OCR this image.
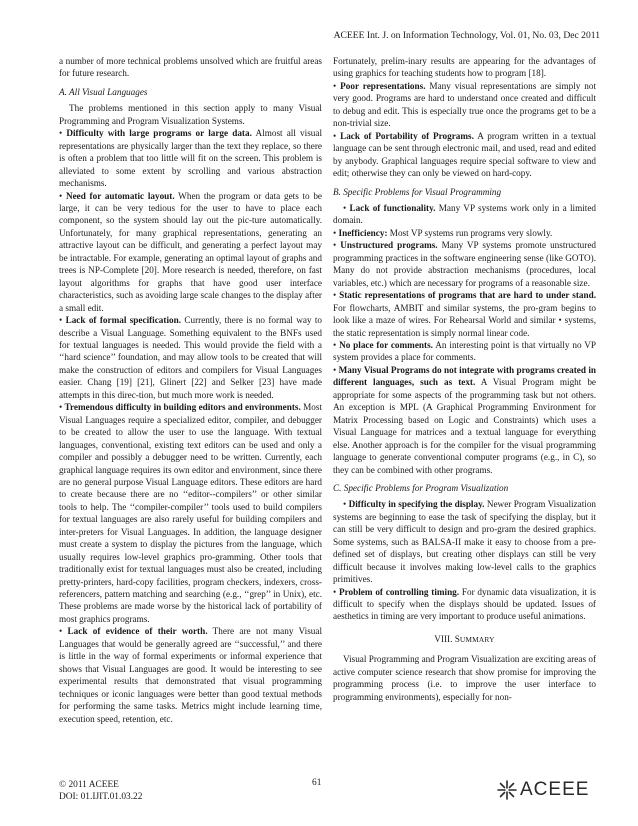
ACEEE Int. J. on Information Technology, Vol. 01, No. 03, Dec 2011

a number of more technical problems unsolved which are fruitful areas for future research.

A. All Visual Languages

The problems mentioned in this section apply to many Visual Programming and Program Visualization Systems.

• Difficulty with large programs or large data. Almost all visual representations are physically larger than the text they replace, so there is often a problem that too little will fit on the screen. This problem is alleviated to some extent by scrolling and various abstraction mechanisms.

• Need for automatic layout. When the program or data gets to be large, it can be very tedious for the user to have to place each component, so the system should lay out the pic-ture automatically. Unfortunately, for many graphical representations, generating an attractive layout can be difficult, and generating a perfect layout may be intractable. For example, generating an optimal layout of graphs and trees is NP-Complete [20]. More research is needed, therefore, on fast layout algorithms for graphs that have good user interface characteristics, such as avoiding large scale changes to the display after a small edit.

• Lack of formal specification. Currently, there is no formal way to describe a Visual Language. Something equivalent to the BNFs used for textual languages is needed. This would provide the field with a ‘‘hard science’’ foundation, and may allow tools to be created that will make the construction of editors and compilers for Visual Languages easier. Chang [19] [21], Glinert [22] and Selker [23] have made attempts in this direc-tion, but much more work is needed.

• Tremendous difficulty in building editors and environments. Most Visual Languages require a specialized editor, compiler, and debugger to be created to allow the user to use the language. With textual languages, conventional, existing text editors can be used and only a compiler and possibly a debugger need to be written. Currently, each graphical language requires its own editor and environment, since there are no general purpose Visual Language editors. These editors are hard to create because there are no ‘‘editor--compilers’’ or other similar tools to help. The ‘‘compiler-compiler’’ tools used to build compilers for textual languages are also rarely useful for building compilers and inter-preters for Visual Languages. In addition, the language designer must create a system to display the pictures from the language, which usually requires low-level graphics pro-gramming. Other tools that traditionally exist for textual languages must also be created, including pretty-printers, hard-copy facilities, program checkers, indexers, cross-referencers, pattern matching and searching (e.g., ‘‘grep’’ in Unix), etc. These problems are made worse by the historical lack of portability of most graphics programs.

• Lack of evidence of their worth. There are not many Visual Languages that would be generally agreed are ‘‘successful,’’ and there is little in the way of formal experiments or informal experience that shows that Visual Languages are good. It would be interesting to see experimental results that demonstrated that visual programming techniques or iconic languages were better than good textual methods for performing the same tasks. Metrics might include learning time, execution speed, retention, etc.

Fortunately, prelim-inary results are appearing for the advantages of using graphics for teaching students how to program [18].

• Poor representations. Many visual representations are simply not very good. Programs are hard to understand once created and difficult to debug and edit. This is especially true once the programs get to be a non-trivial size.

• Lack of Portability of Programs. A program written in a textual language can be sent through electronic mail, and used, read and edited by anybody. Graphical languages require special software to view and edit; otherwise they can only be viewed on hard-copy.

B. Specific Problems for Visual Programming

• Lack of functionality. Many VP systems work only in a limited domain.

• Inefficiency: Most VP systems run programs very slowly.

• Unstructured programs. Many VP systems promote unstructured programming practices in the software engineering sense (like GOTO). Many do not provide abstraction mechanisms (procedures, local variables, etc.) which are necessary for programs of a reasonable size.

• Static representations of programs that are hard to under stand. For flowcharts, AMBIT and similar systems, the pro-gram begins to look like a maze of wires. For Rehearsal World and similar • systems, the static representation is simply normal linear code.

• No place for comments. An interesting point is that virtually no VP system provides a place for comments.

• Many Visual Programs do not integrate with programs created in different languages, such as text. A Visual Program might be appropriate for some aspects of the programming task but not others. An exception is MPL (A Graphical Programming Environment for Matrix Processing based on Logic and Constraints) which uses a Visual Language for matrices and a textual language for everything else. Another approach is for the compiler for the visual programming language to generate conventional computer programs (e.g., in C), so they can be combined with other programs.

C. Specific Problems for Program Visualization

• Difficulty in specifying the display. Newer Program Visualization systems are beginning to ease the task of specifying the display, but it can still be very difficult to design and pro-gram the desired graphics. Some systems, such as BALSA-II make it easy to choose from a pre-defined set of displays, but creating other displays can still be very difficult because it involves making low-level calls to the graphics primitives.

• Problem of controlling timing. For dynamic data visualization, it is difficult to specify when the displays should be updated. Issues of aesthetics in timing are very important to produce useful animations.

VIII. SUMMARY

Visual Programming and Program Visualization are exciting areas of active computer science research that show promise for improving the programming process (i.e. to improve the user interface to programming environments), especially for non-

© 2011 ACEEE
DOI: 01.IJIT.01.03.22
61	ACEEE
